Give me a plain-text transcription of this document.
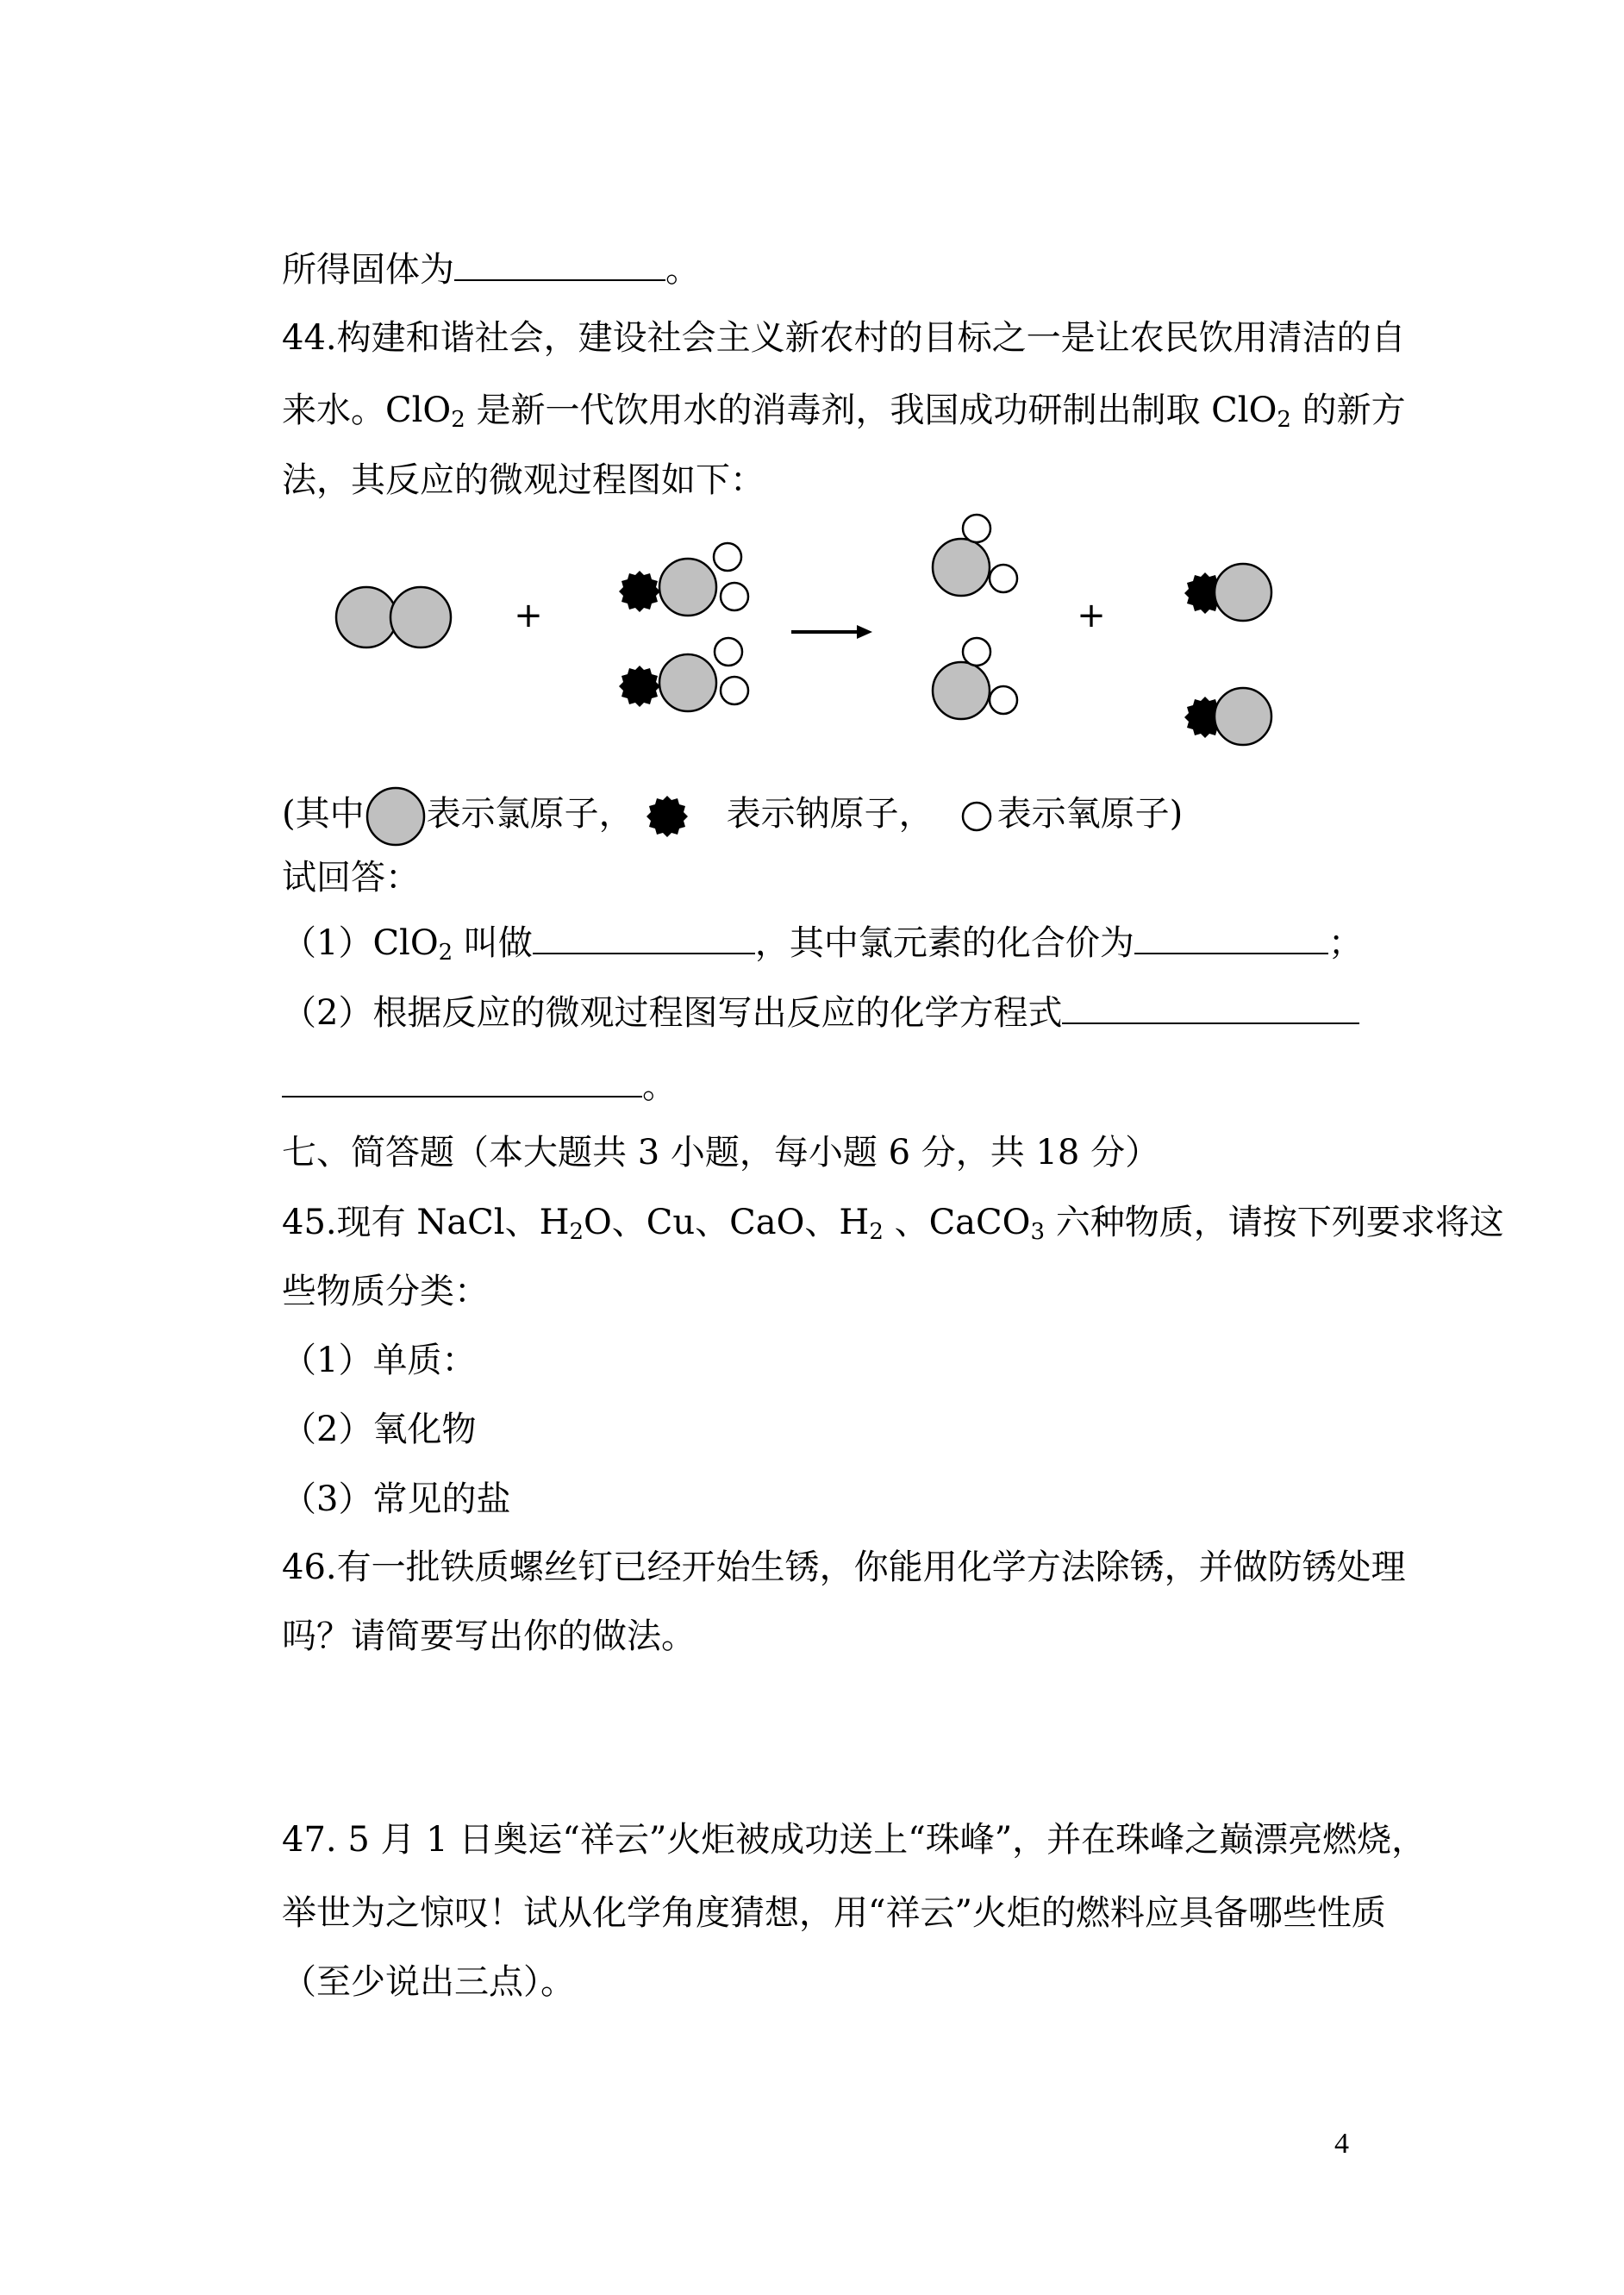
所得固体为	。
44.构建和谐社会，建设社会主义新农村的目标之一是让农民饮用清洁的自
来水。ClO$_2$ 是新一代饮用水的消毒剂，我国成功研制出制取 ClO$_2$ 的新方
法，其反应的微观过程图如下：
+	+
(其中 表示氯原子，	表示钠原子， 表示氧原子)
试回答：
（1）ClO$_2$ 叫做	，其中氯元素的化合价为	；
（2）根据反应的微观过程图写出反应的化学方程式
。
七、简答题（本大题共 3 小题，每小题 6 分，共 18 分）
45.现有 NaCl、$H_2O$、Cu、CaO、$H_2$ 、CaCO$_3$ 六种物质，请按下列要求将这
些物质分类：
（1）单质：
（2）氧化物
（3）常见的盐
46.有一批铁质螺丝钉已经开始生锈，你能用化学方法除锈，并做防锈处理
吗？请简要写出你的做法。
47. 5 月 1 日奥运“祥云”火炬被成功送上“珠峰”，并在珠峰之巅漂亮燃烧，
举世为之惊叹！试从化学角度猜想，用“祥云”火炬的燃料应具备哪些性质
（至少说出三点）。
4
